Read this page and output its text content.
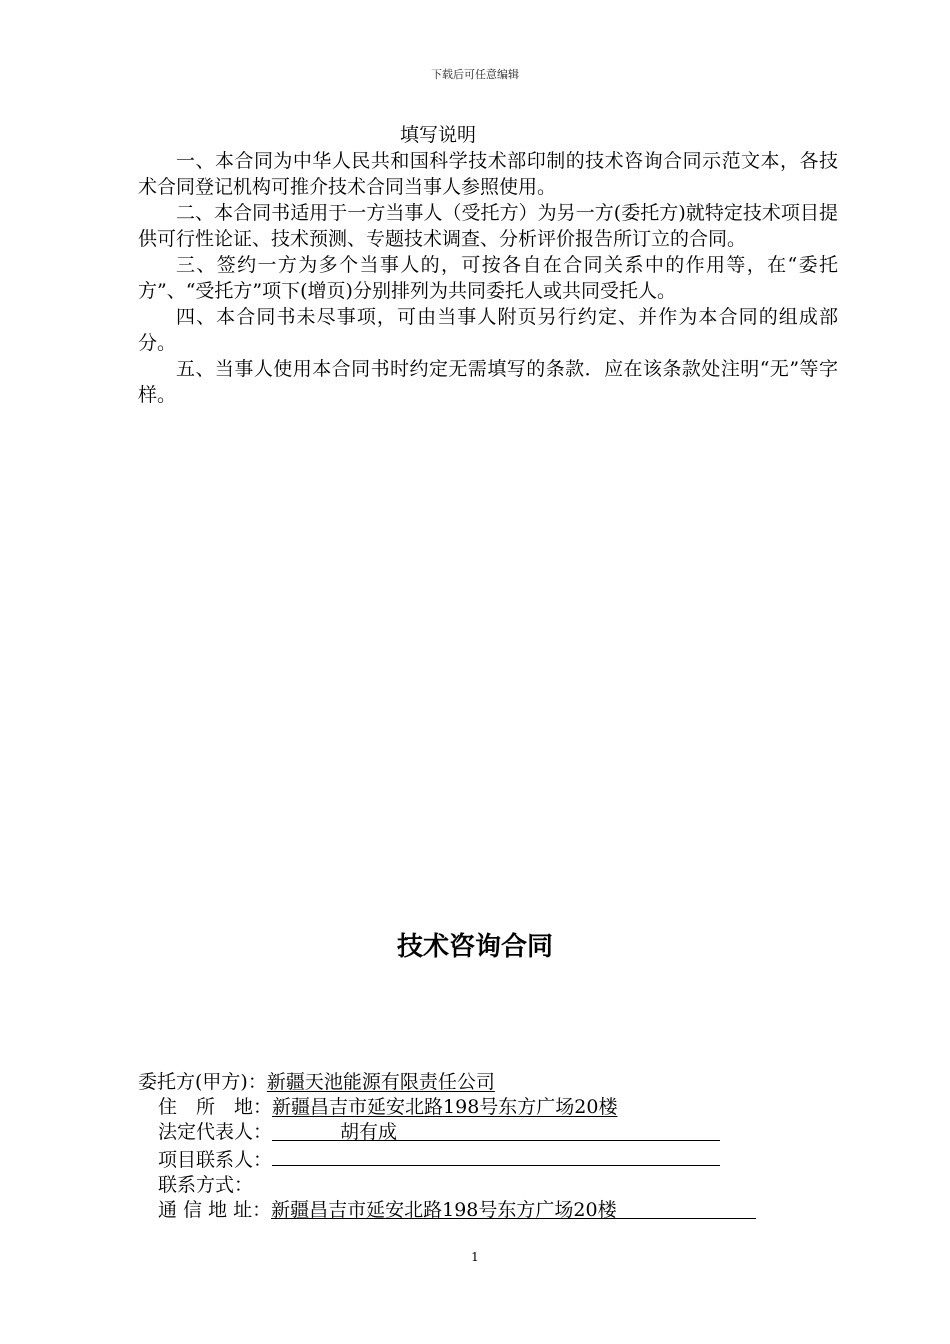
下载后可任意编辑
填写说明

一、本合同为中华人民共和国科学技术部印制的技术咨询合同示范文本，各技术合同登记机构可推介技术合同当事人参照使用。

二、本合同书适用于一方当事人（受托方）为另一方(委托方)就特定技术项目提供可行性论证、技术预测、专题技术调查、分析评价报告所订立的合同。

三、签约一方为多个当事人的，可按各自在合同关系中的作用等，在“委托方”、“受托方”项下(增页)分别排列为共同委托人或共同受托人。

四、本合同书未尽事项，可由当事人附页另行约定、并作为本合同的组成部分。

五、当事人使用本合同书时约定无需填写的条款．应在该条款处注明“无”等字样。

技术咨询合同
委托方(甲方)： 新疆天池能源有限责任公司
住　所　地： 新疆昌吉市延安北路198号东方广场20楼
法定代表人：	胡有成
项目联系人：
联系方式：
通 信 地 址： 新疆昌吉市延安北路198号东方广场20楼
1
